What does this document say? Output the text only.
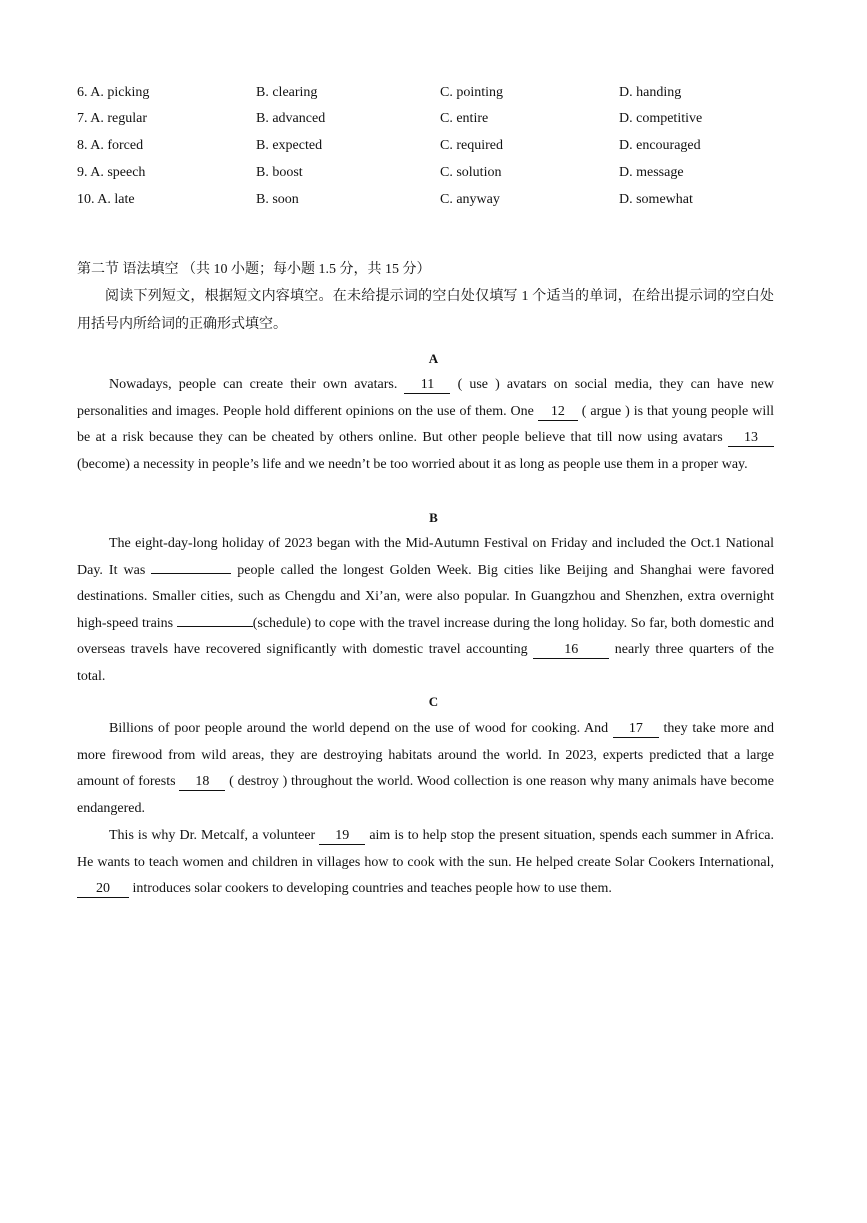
6. A. picking	B. clearing	C. pointing	D. handing
7. A. regular	B. advanced	C. entire	D. competitive
8. A. forced	B. expected	C. required	D. encouraged
9. A. speech	B. boost	C. solution	D. message
10. A. late	B. soon	C. anyway	D. somewhat
第二节 语法填空 （共 10 小题；每小题 1.5 分，共 15 分）
阅读下列短文，根据短文内容填空。在未给提示词的空白处仅填写 1 个适当的单词，在给出提示词的空白处用括号内所给词的正确形式填空。
A
Nowadays, people can create their own avatars. 11 ( use ) avatars on social media, they can have new personalities and images. People hold different opinions on the use of them. One 12 ( argue ) is that young people will be at a risk because they can be cheated by others online. But other people believe that till now using avatars 13 (become) a necessity in people’s life and we needn’t be too worried about it as long as people use them in a proper way.
B
The eight-day-long holiday of 2023 began with the Mid-Autumn Festival on Friday and included the Oct.1 National Day. It was	people called the longest Golden Week. Big cities like Beijing and Shanghai were favored destinations. Smaller cities, such as Chengdu and Xi’an, were also popular. In Guangzhou and Shenzhen, extra overnight high-speed trains	(schedule) to cope with the travel increase during the long holiday. So far, both domestic and overseas travels have recovered significantly with domestic travel accounting 16 nearly three quarters of the total.
C
Billions of poor people around the world depend on the use of wood for cooking. And 17 they take more and more firewood from wild areas, they are destroying habitats around the world. In 2023, experts predicted that a large amount of forests 18 ( destroy ) throughout the world. Wood collection is one reason why many animals have become endangered.
This is why Dr. Metcalf, a volunteer 19 aim is to help stop the present situation, spends each summer in Africa. He wants to teach women and children in villages how to cook with the sun. He helped create Solar Cookers International, 20 introduces solar cookers to developing countries and teaches people how to use them.
